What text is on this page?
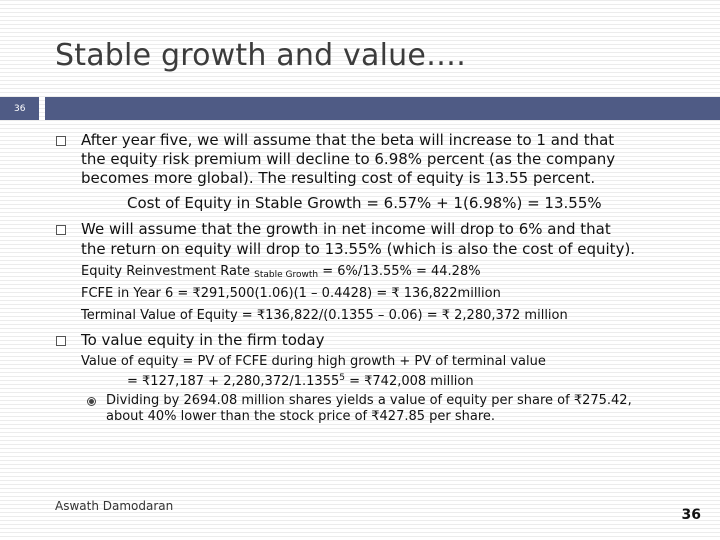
Stable growth and value….
36
After year five, we will assume that the beta will increase to 1 and that
the equity risk premium will decline to 6.98% percent (as the company
becomes more global). The resulting cost of equity is 13.55 percent.
Cost of Equity in Stable Growth = 6.57% + 1(6.98%) = 13.55%
We will assume that the growth in net income will drop to 6% and that
the return on equity will drop to 13.55% (which is also the cost of equity).
Equity Reinvestment Rate $_{Stable Growth}$ = 6%/13.55% = 44.28%
FCFE in Year 6 = ₹291,500(1.06)(1 – 0.4428) = ₹ 136,822million
Terminal Value of Equity = ₹136,822/(0.1355 – 0.06) = ₹ 2,280,372 million
To value equity in the firm today
Value of equity = PV of FCFE during high growth + PV of terminal value
= ₹127,187 + $2,280,372/1.1355^5$ = ₹742,008 million
Dividing by 2694.08 million shares yields a value of equity per share of ₹275.42,
about 40% lower than the stock price of ₹427.85 per share.
Aswath Damodaran
36
